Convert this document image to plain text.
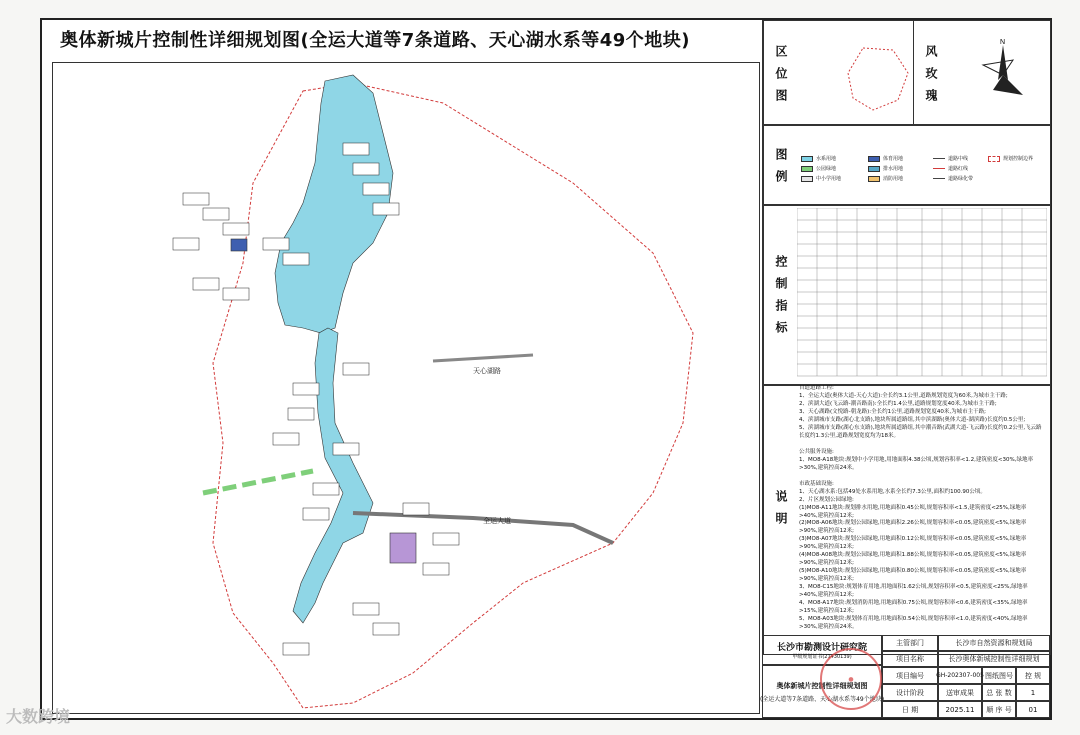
奥体新城片控制性详细规划图(全运大道等7条道路、天心湖水系等49个地块)
天心湖路
全运大道
区位图	风玫瑰
N
图例	水系用地
公园绿地
中小学用地
体育用地
排水用地
消防用地
道路中线
道路红线
道路绿化带
规划控制边界
控制指标
说明
自道道路工程:
1、全运大道(奥体大道-天心大道):全长约3.1公里,道路规划宽度为60米,为城市主干路;
2、滨湖大道(飞云路-潮音路南):全长约1.4公里,道路规划宽度40米,为城市主干路;
3、天心湖路(文悦路-朝龙路):全长约1公里,道路规划宽度40米,为城市主干路;
4、滨湖城市支路(湖心北支路),地块所属道路组,其中滨湖路(奥体大道-湖滨路)长度约0.5公里;
5、滨湖城市支路(湖心东支路),地块所属道路组,其中潮音路(武湖大道-飞云路)长度约0.2公里,飞云路长度约1.3公里,道路规划宽度均为18米。

公共服务设施:
1、MO8-A18地块:规划中小学用地,用地面积4.38公顷,规划容积率<1.2,建筑密度<30%,绿地率>30%,建筑控高24米。

市政基础设施:
1、天心湖水系:包括49处水系用地,水系全长约7.3公里,面积约100.90公顷。
2、片区规划公园绿地:
(1)MO8-A11地块:规划排水用地,用地面积0.45公顷,规划容积率<1.5,建筑密度<25%,绿地率>40%,建筑控高12米;
(2)MO8-A06地块:规划公园绿地,用地面积2.26公顷,规划容积率<0.05,建筑密度<5%,绿地率>90%,建筑控高12米;
(3)MO8-A07地块:规划公园绿地,用地面积0.12公顷,规划容积率<0.05,建筑密度<5%,绿地率>90%,建筑控高12米;
(4)MO8-A08地块:规划公园绿地,用地面积1.88公顷,规划容积率<0.05,建筑密度<5%,绿地率>90%,建筑控高12米;
(5)MO8-A10地块:规划公园绿地,用地面积0.80公顷,规划容积率<0.05,建筑密度<5%,绿地率>90%,建筑控高12米;
3、MO8-C15地块:规划体育用地,用地面积1.62公顷,规划容积率<0.5,建筑密度<25%,绿地率>40%,建筑控高12米;
4、MO8-A17地块:规划消防用地,用地面积0.75公顷,规划容积率<0.6,建筑密度<35%,绿地率>15%,建筑控高12米;
5、MO8-A03地块:规划体育用地,用地面积0.54公顷,规划容积率<1.0,建筑密度<40%,绿地率>30%,建筑控高24米。
长沙市勘测设计研究院
甲级规划证书(21430139)
奥体新城片控制性详细规划图
(全运大道等7条道路、天心湖水系等49个地块)
●
主管部门	长沙市自然资源和规划局
项目名称	长沙奥体新城控制性详细规划
项目编号	GH-202307-005 图纸图号	控 规
设计阶段	送审成果	总 张 数	1
日 期	2025.11	顺 序 号	01
大数跨境
